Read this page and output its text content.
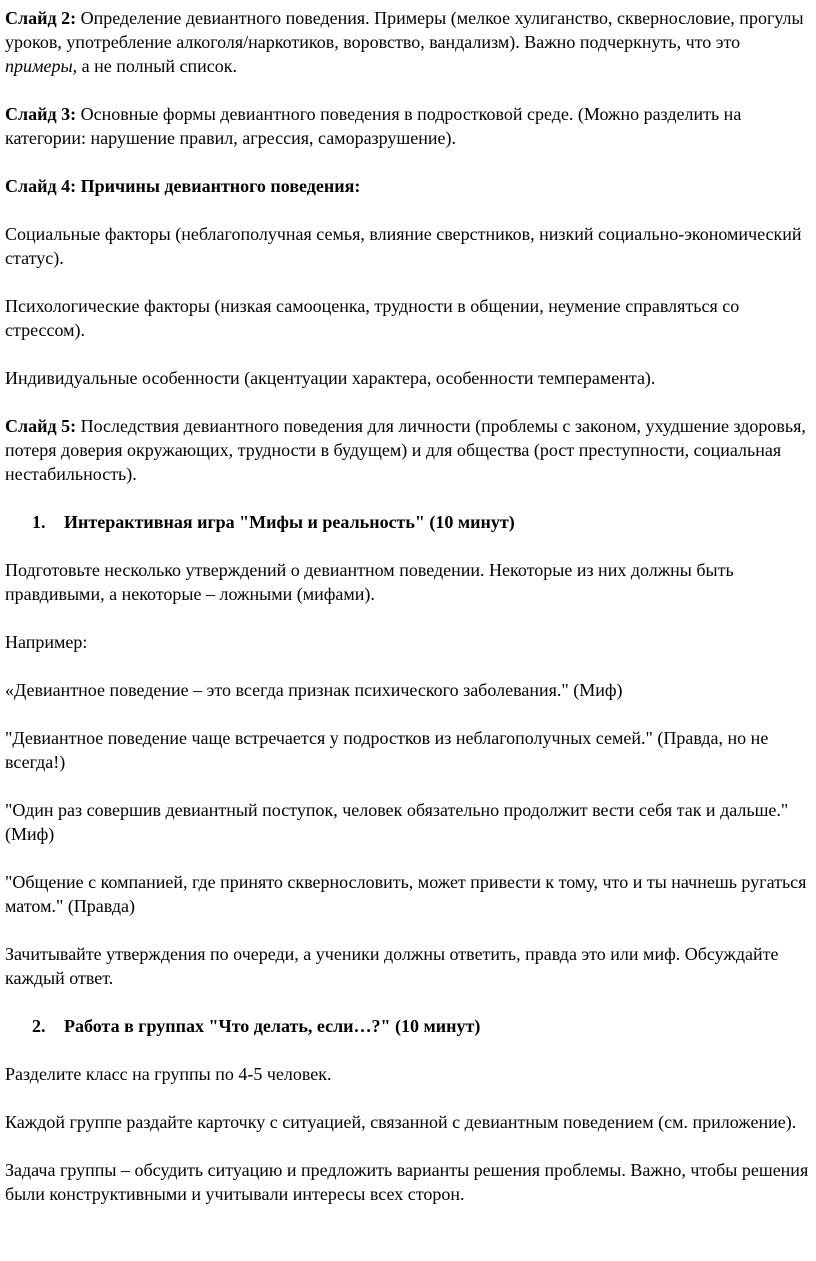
Слайд 2: Определение девиантного поведения. Примеры (мелкое хулиганство, сквернословие, прогулы уроков, употребление алкоголя/наркотиков, воровство, вандализм). Важно подчеркнуть, что это примеры, а не полный список.
Слайд 3: Основные формы девиантного поведения в подростковой среде. (Можно разделить на категории: нарушение правил, агрессия, саморазрушение).
Слайд 4: Причины девиантного поведения:
Социальные факторы (неблагополучная семья, влияние сверстников, низкий социально-экономический статус).
Психологические факторы (низкая самооценка, трудности в общении, неумение справляться со стрессом).
Индивидуальные особенности (акцентуации характера, особенности темперамента).
Слайд 5: Последствия девиантного поведения для личности (проблемы с законом, ухудшение здоровья, потеря доверия окружающих, трудности в будущем) и для общества (рост преступности, социальная нестабильность).
1.	Интерактивная игра "Мифы и реальность" (10 минут)
Подготовьте несколько утверждений о девиантном поведении. Некоторые из них должны быть правдивыми, а некоторые – ложными (мифами).
Например:
«Девиантное поведение – это всегда признак психического заболевания." (Миф)
"Девиантное поведение чаще встречается у подростков из неблагополучных семей." (Правда, но не всегда!)
"Один раз совершив девиантный поступок, человек обязательно продолжит вести себя так и дальше." (Миф)
"Общение с компанией, где принято сквернословить, может привести к тому, что и ты начнешь ругаться матом." (Правда)
Зачитывайте утверждения по очереди, а ученики должны ответить, правда это или миф. Обсуждайте каждый ответ.
2.	Работа в группах "Что делать, если…?" (10 минут)
Разделите класс на группы по 4-5 человек.
Каждой группе раздайте карточку с ситуацией, связанной с девиантным поведением (см. приложение).
Задача группы – обсудить ситуацию и предложить варианты решения проблемы. Важно, чтобы решения были конструктивными и учитывали интересы всех сторон.
